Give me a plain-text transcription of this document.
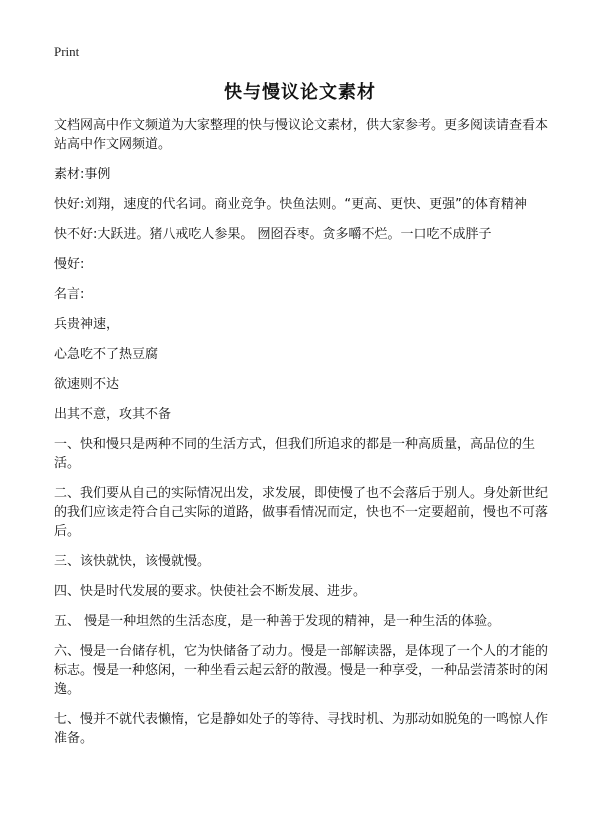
Print
快与慢议论文素材

文档网高中作文频道为大家整理的快与慢议论文素材，供大家参考。更多阅读请查看本站高中作文网频道。

素材:事例

快好:刘翔，速度的代名词。商业竞争。快鱼法则。“更高、更快、更强”的体育精神

快不好:大跃进。猪八戒吃人参果。 囫囵吞枣。贪多嚼不烂。一口吃不成胖子

慢好:

名言:

兵贵神速，

心急吃不了热豆腐

欲速则不达

出其不意，攻其不备

一、快和慢只是两种不同的生活方式，但我们所追求的都是一种高质量，高品位的生活。

二、我们要从自己的实际情况出发，求发展，即使慢了也不会落后于别人。身处新世纪的我们应该走符合自己实际的道路，做事看情况而定，快也不一定要超前，慢也不可落后。

三、该快就快，该慢就慢。

四、快是时代发展的要求。快使社会不断发展、进步。

五、 慢是一种坦然的生活态度，是一种善于发现的精神，是一种生活的体验。

六、慢是一台储存机，它为快储备了动力。慢是一部解读器，是体现了一个人的才能的标志。慢是一种悠闲，一种坐看云起云舒的散漫。慢是一种享受，一种品尝清茶时的闲逸。

七、慢并不就代表懒惰，它是静如处子的等待、寻找时机、为那动如脱兔的一鸣惊人作准备。
